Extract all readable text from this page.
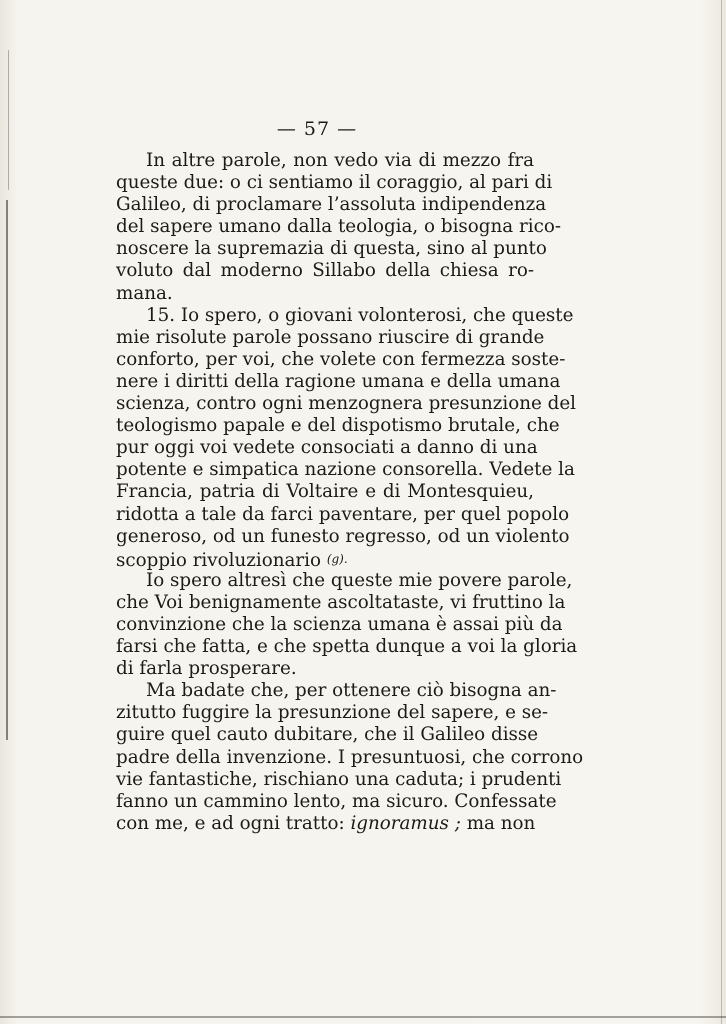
— 57 —
In altre parole, non vedo via di mezzo fra
queste due: o ci sentiamo il coraggio, al pari di
Galileo, di proclamare l’assoluta indipendenza
del sapere umano dalla teologia, o bisogna rico-
noscere la supremazia di questa, sino al punto
voluto dal moderno Sillabo della chiesa ro-
mana.
15. Io spero, o giovani volonterosi, che queste
mie risolute parole possano riuscire di grande
conforto, per voi, che volete con fermezza soste-
nere i diritti della ragione umana e della umana
scienza, contro ogni menzognera presunzione del
teologismo papale e del dispotismo brutale, che
pur oggi voi vedete consociati a danno di una
potente e simpatica nazione consorella. Vedete la
Francia, patria di Voltaire e di Montesquieu,
ridotta a tale da farci paventare, per quel popolo
generoso, od un funesto regresso, od un violento
scoppio rivoluzionario $^{(g).}$
Io spero altresì che queste mie povere parole,
che Voi benignamente ascoltataste, vi fruttino la
convinzione che la scienza umana è assai più da
farsi che fatta, e che spetta dunque a voi la gloria
di farla prosperare.
Ma badate che, per ottenere ciò bisogna an-
zitutto fuggire la presunzione del sapere, e se-
guire quel cauto dubitare, che il Galileo disse
padre della invenzione. I presuntuosi, che corrono
vie fantastiche, rischiano una caduta; i prudenti
fanno un cammino lento, ma sicuro. Confessate
con me, e ad ogni tratto: ignoramus ; ma non
